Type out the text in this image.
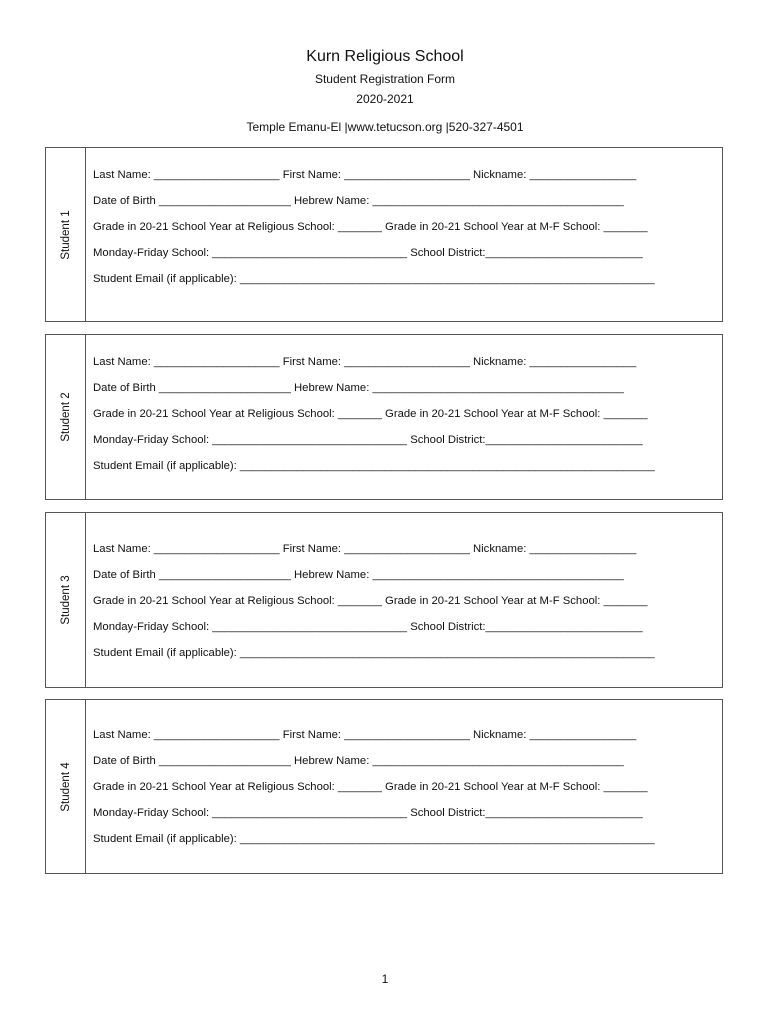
Kurn Religious School
Student Registration Form
2020-2021
Temple Emanu-El |www.tetucson.org |520-327-4501
Student 1
Last Name: ____________________ First Name: ____________________ Nickname: _________________
Date of Birth _____________________ Hebrew Name: ________________________________________
Grade in 20-21 School Year at Religious School: _______ Grade in 20-21 School Year at M-F School: _______
Monday-Friday School: _______________________________ School District:_________________________
Student Email (if applicable): __________________________________________________________________
Student 2
Last Name: ____________________ First Name: ____________________ Nickname: _________________
Date of Birth _____________________ Hebrew Name: ________________________________________
Grade in 20-21 School Year at Religious School: _______ Grade in 20-21 School Year at M-F School: _______
Monday-Friday School: _______________________________ School District:_________________________
Student Email (if applicable): __________________________________________________________________
Student 3
Last Name: ____________________ First Name: ____________________ Nickname: _________________
Date of Birth _____________________ Hebrew Name: ________________________________________
Grade in 20-21 School Year at Religious School: _______ Grade in 20-21 School Year at M-F School: _______
Monday-Friday School: _______________________________ School District:_________________________
Student Email (if applicable): __________________________________________________________________
Student 4
Last Name: ____________________ First Name: ____________________ Nickname: _________________
Date of Birth _____________________ Hebrew Name: ________________________________________
Grade in 20-21 School Year at Religious School: _______ Grade in 20-21 School Year at M-F School: _______
Monday-Friday School: _______________________________ School District:_________________________
Student Email (if applicable): __________________________________________________________________
1
